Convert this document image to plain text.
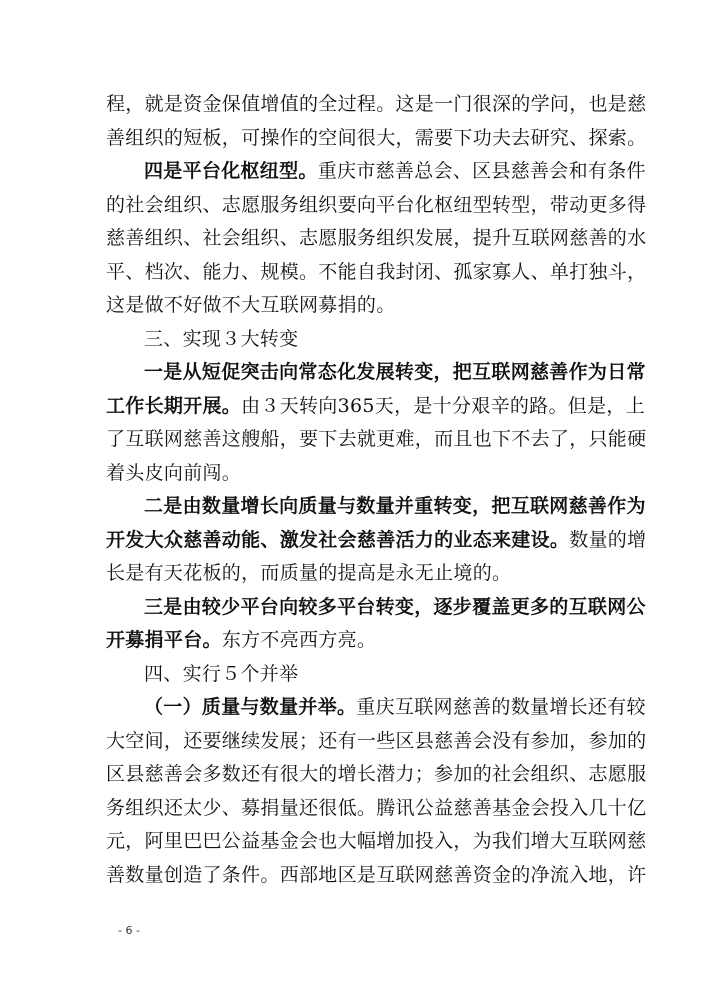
程，就是资金保值增值的全过程。这是一门很深的学问，也是慈
善组织的短板，可操作的空间很大，需要下功夫去研究、探索。
四是平台化枢纽型。重庆市慈善总会、区县慈善会和有条件
的社会组织、志愿服务组织要向平台化枢纽型转型，带动更多得
慈善组织、社会组织、志愿服务组织发展，提升互联网慈善的水
平、档次、能力、规模。不能自我封闭、孤家寡人、单打独斗，
这是做不好做不大互联网募捐的。
三、实现３大转变
一是从短促突击向常态化发展转变，把互联网慈善作为日常
工作长期开展。由３天转向365天，是十分艰辛的路。但是，上
了互联网慈善这艘船，要下去就更难，而且也下不去了，只能硬
着头皮向前闯。
二是由数量增长向质量与数量并重转变，把互联网慈善作为
开发大众慈善动能、激发社会慈善活力的业态来建设。数量的增
长是有天花板的，而质量的提高是永无止境的。
三是由较少平台向较多平台转变，逐步覆盖更多的互联网公
开募捐平台。东方不亮西方亮。
四、实行５个并举
（一）质量与数量并举。重庆互联网慈善的数量增长还有较
大空间，还要继续发展；还有一些区县慈善会没有参加，参加的
区县慈善会多数还有很大的增长潜力；参加的社会组织、志愿服
务组织还太少、募捐量还很低。腾讯公益慈善基金会投入几十亿
元，阿里巴巴公益基金会也大幅增加投入，为我们增大互联网慈
善数量创造了条件。西部地区是互联网慈善资金的净流入地，许
- 6 -
